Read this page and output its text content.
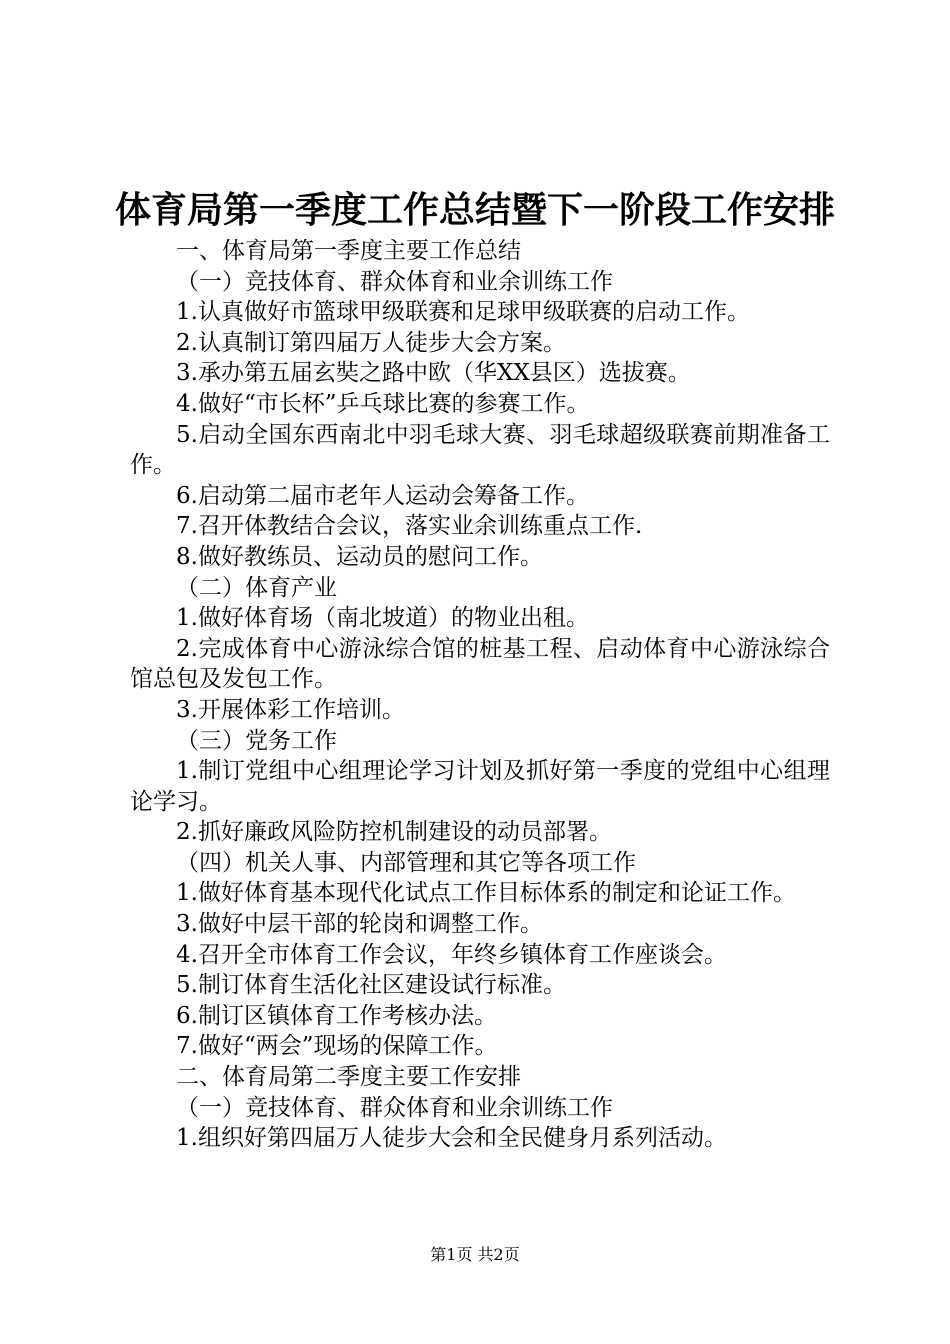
体育局第一季度工作总结暨下一阶段工作安排

一、体育局第一季度主要工作总结

（一）竞技体育、群众体育和业余训练工作

1.认真做好市篮球甲级联赛和足球甲级联赛的启动工作。

2.认真制订第四届万人徒步大会方案。

3.承办第五届玄奘之路中欧（华XX县区）选拔赛。

4.做好“市长杯”乒乓球比赛的参赛工作。

5.启动全国东西南北中羽毛球大赛、羽毛球超级联赛前期准备工作。

6.启动第二届市老年人运动会筹备工作。

7.召开体教结合会议，落实业余训练重点工作.

8.做好教练员、运动员的慰问工作。

（二）体育产业

1.做好体育场（南北坡道）的物业出租。

2.完成体育中心游泳综合馆的桩基工程、启动体育中心游泳综合馆总包及发包工作。

3.开展体彩工作培训。

（三）党务工作

1.制订党组中心组理论学习计划及抓好第一季度的党组中心组理论学习。

2.抓好廉政风险防控机制建设的动员部署。

（四）机关人事、内部管理和其它等各项工作

1.做好体育基本现代化试点工作目标体系的制定和论证工作。

3.做好中层干部的轮岗和调整工作。

4.召开全市体育工作会议，年终乡镇体育工作座谈会。

5.制订体育生活化社区建设试行标准。

6.制订区镇体育工作考核办法。

7.做好“两会”现场的保障工作。

二、体育局第二季度主要工作安排

（一）竞技体育、群众体育和业余训练工作

1.组织好第四届万人徒步大会和全民健身月系列活动。

第1页 共2页
